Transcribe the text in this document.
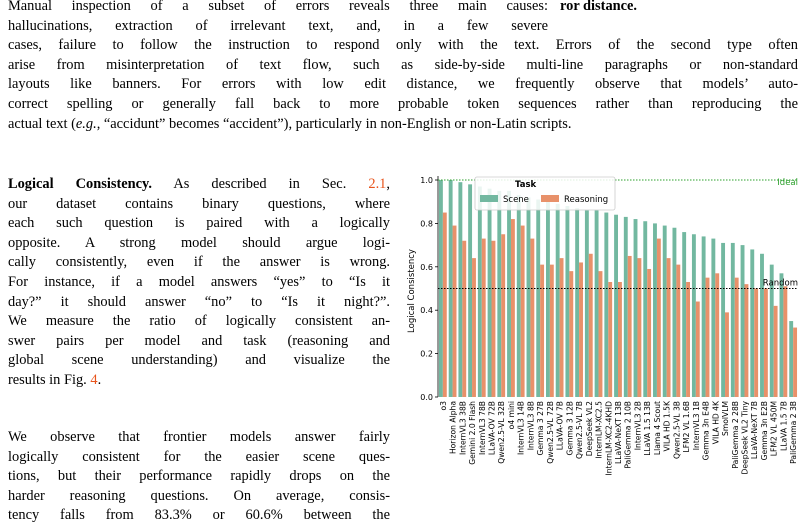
Manual inspection of a subset of errors reveals three main causes:
hallucinations, extraction of irrelevant text, and, in a few severe
cases, failure to follow the instruction to respond only with the text. Errors of the second type often
arise from misinterpretation of text flow, such as side-by-side multi-line paragraphs or non-standard
layouts like banners. For errors with low edit distance, we frequently observe that models’ auto-
correct spelling or generally fall back to more probable token sequences rather than reproducing the
actual text (e.g., “accidunt” becomes “accident”), particularly in non-English or non-Latin scripts.
ror distance.
Logical Consistency. As described in Sec. 2.1,
our dataset contains binary questions, where
each such question is paired with a logically
opposite. A strong model should argue logi-
cally consistently, even if the answer is wrong.
For instance, if a model answers “yes” to “Is it
day?” it should answer “no” to “Is it night?”.
We measure the ratio of logically consistent an-
swer pairs per model and task (reasoning and
global scene understanding) and visualize the
results in Fig. 4.
We observe that frontier models answer fairly
logically consistent for the easier scene ques-
tions, but their performance rapidly drops on the
harder reasoning questions. On average, consis-
tency falls from 83.3% or 60.6% between the
0.0
0.2
0.4
0.6
0.8
1.0	Ideal
Random
o3 Horizon Alpha InternVL3 38B Gemini 2.0 Flash InternVL3 78B LLaVA-OV 72B Qwen2.5-VL 32B o4 mini InternVL3 14B InternVL3 8B Gemma 3 27B Qwen2.5-VL 72B LLaVA-OV 7B Gemma 3 12B Qwen2.5-VL 7B DeepSeek VL2 InternLM-XC2.5 InternLM-XC2-4KHD LLaVA-NeXT 13B PaliGemma 2 10B InternVL3 2B LLaVA 1.5 13B Llama 4 Scout VILA HD 1.5K Qwen2.5-VL 3B LFM2 VL 1.6B InternVL3 1B Gemma 3n E4B VILA HD 4K SmolVLM PaliGemma 2 28B DeepSeek VL2 Tiny LLaVA-NeXT 7B Gemma 3n E2B LFM2 VL 450M LLaVA 1.5 7B PaliGemma 2 3B
Logical Consistency
Task
Scene	Reasoning
